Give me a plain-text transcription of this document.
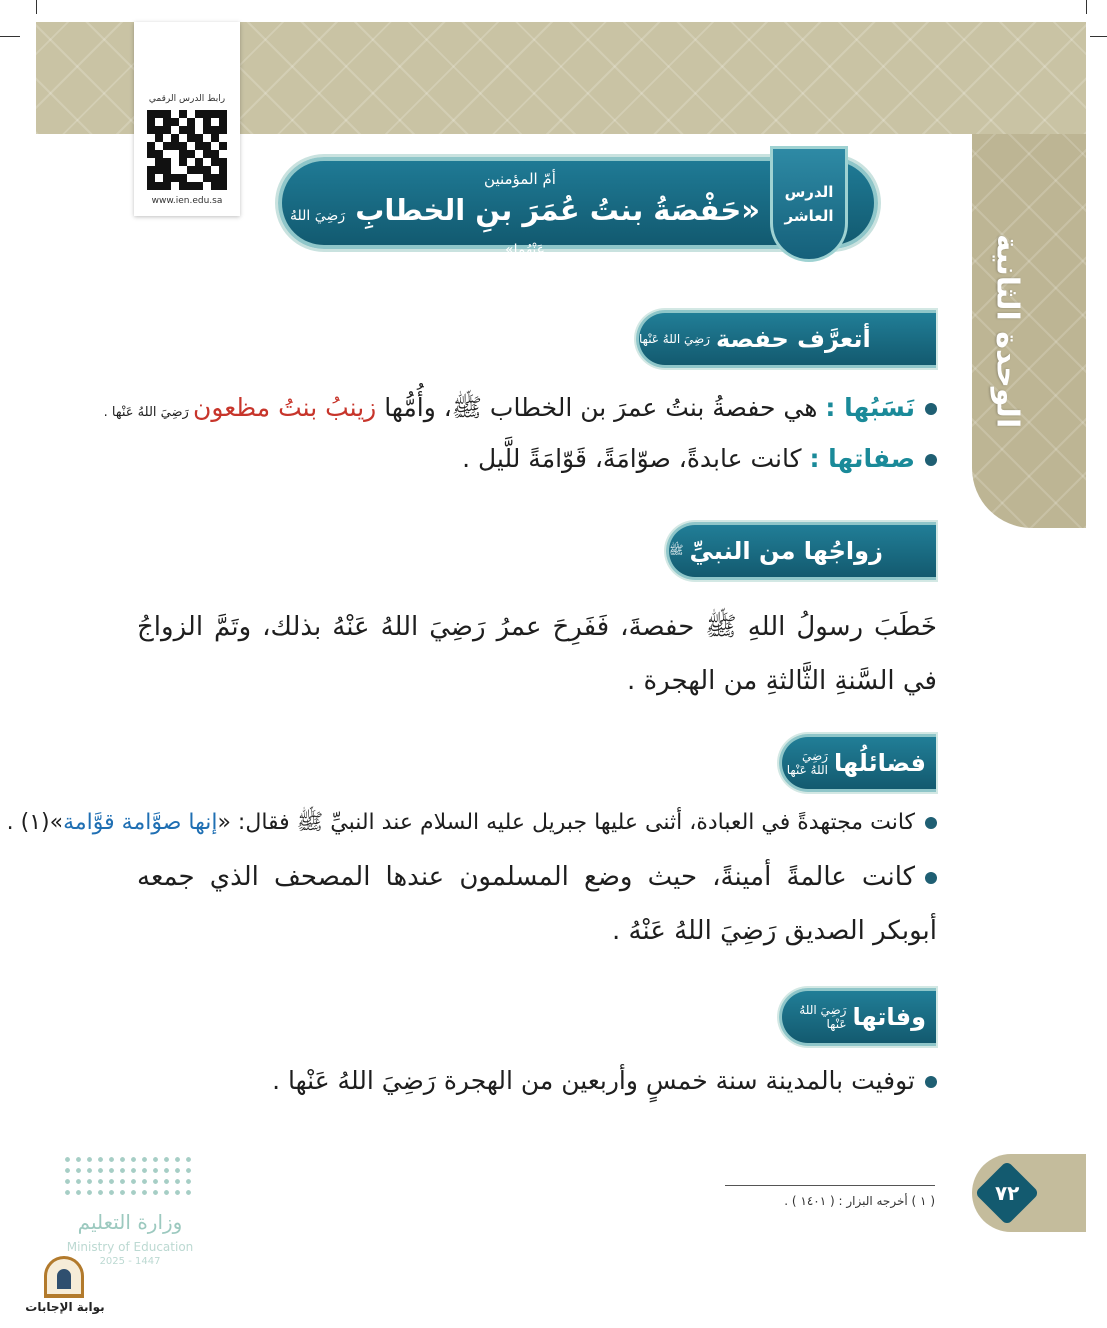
الوحدة الثانية
رابط الدرس الرقمي
www.ien.edu.sa
أمّ المؤمنين
«حَفْصَةُ بنتُ عُمَرَ بنِ الخطابِ رَضِيَ اللهُ عَنْهُما»
الدرس
العاشر
أتعرَّف حفصة
رَضِيَ اللهُ عَنْها
نَسَبُها : هي حفصةُ بنتُ عمرَ بن الخطاب ﷺ، وأُمُّها زينبُ بنتُ مظعون رَضِيَ اللهُ عَنْها .
صفاتها : كانت عابدةً، صوّامَةً، قَوّامَةً للَّيل .
زواجُها من النبيِّ
ﷺ
خَطَبَ رسولُ اللهِ ﷺ حفصةَ، فَفَرِحَ عمرُ رَضِيَ اللهُ عَنْهُ بذلك، وتَمَّ الزواجُ في السَّنةِ الثَّالثةِ من الهجرة .
فضائلُها
رَضِيَ اللهُ عَنْها
كانت مجتهدةً في العبادة، أثنى عليها جبريل عليه السلام عند النبيِّ ﷺ فقال: «إنها صوَّامة قوَّامة»(١) .
كانت عالمةً أمينةً، حيث وضع المسلمون عندها المصحف الذي جمعه أبوبكر الصديق رَضِيَ اللهُ عَنْهُ .
وفاتها
رَضِيَ اللهُ عَنْها
توفيت بالمدينة سنة خمسٍ وأربعين من الهجرة رَضِيَ اللهُ عَنْها .
( ١ ) أخرجه البزار : ( ١٤٠١ ) .	٧٢
وزارة التعليم
Ministry of Education
2025 - 1447
بوابة الإجابات
